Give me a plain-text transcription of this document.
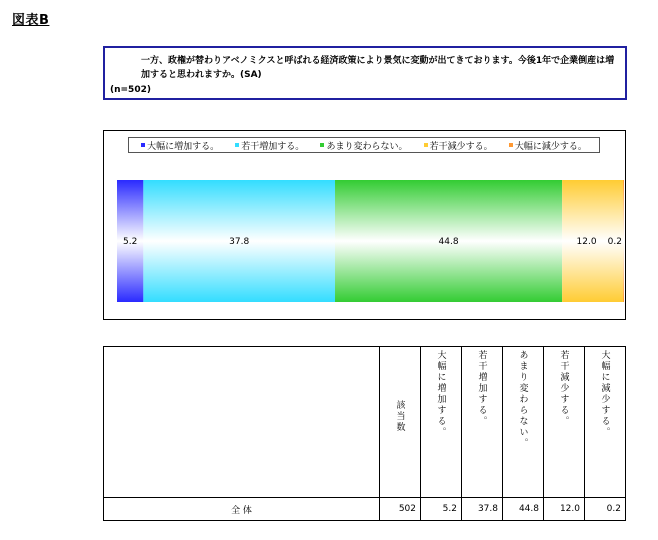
図表B
一方、政権が替わりアベノミクスと呼ばれる経済政策により景気に変動が出てきております。今後1年で企業倒産は増加すると思われますか。(SA)
(n=502)
大幅に増加する。 若干増加する。 あまり変わらない。 若干減少する。 大幅に減少する。
5.2	37.8	44.8	12.0 0.2
	該当数	大幅に増加する。	若干増加する。	あまり変わらない。	若干減少する。	大幅に減少する。
全 体	502	5.2	37.8	44.8	12.0	0.2
